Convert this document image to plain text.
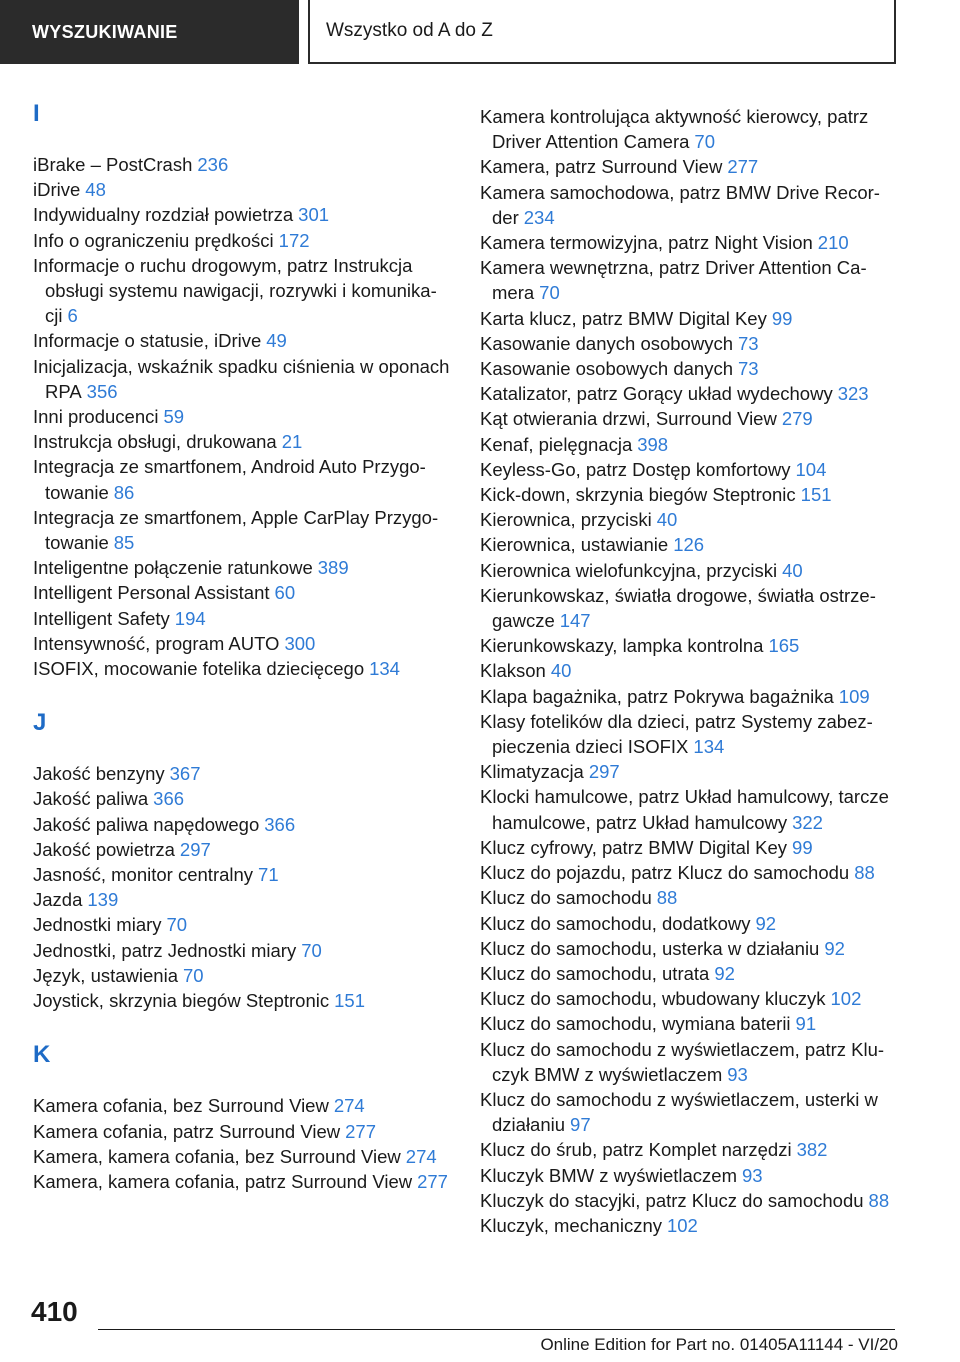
WYSZUKIWANIE	Wszystko od A do Z
I
iBrake – PostCrash 236
iDrive 48
Indywidualny rozdział powietrza 301
Info o ograniczeniu prędkości 172
Informacje o ruchu drogowym, patrz Instrukcja obsługi systemu nawigacji, rozrywki i komunikacji 6
Informacje o statusie, iDrive 49
Inicjalizacja, wskaźnik spadku ciśnienia w oponach RPA 356
Inni producenci 59
Instrukcja obsługi, drukowana 21
Integracja ze smartfonem, Android Auto Przygotowanie 86
Integracja ze smartfonem, Apple CarPlay Przygotowanie 85
Inteligentne połączenie ratunkowe 389
Intelligent Personal Assistant 60
Intelligent Safety 194
Intensywność, program AUTO 300
ISOFIX, mocowanie fotelika dziecięcego 134
J
Jakość benzyny 367
Jakość paliwa 366
Jakość paliwa napędowego 366
Jakość powietrza 297
Jasność, monitor centralny 71
Jazda 139
Jednostki miary 70
Jednostki, patrz Jednostki miary 70
Język, ustawienia 70
Joystick, skrzynia biegów Steptronic 151
K
Kamera cofania, bez Surround View 274
Kamera cofania, patrz Surround View 277
Kamera, kamera cofania, bez Surround View 274
Kamera, kamera cofania, patrz Surround View 277
Kamera kontrolująca aktywność kierowcy, patrz Driver Attention Camera 70
Kamera, patrz Surround View 277
Kamera samochodowa, patrz BMW Drive Recorder 234
Kamera termowizyjna, patrz Night Vision 210
Kamera wewnętrzna, patrz Driver Attention Camera 70
Karta klucz, patrz BMW Digital Key 99
Kasowanie danych osobowych 73
Kasowanie osobowych danych 73
Katalizator, patrz Gorący układ wydechowy 323
Kąt otwierania drzwi, Surround View 279
Kenaf, pielęgnacja 398
Keyless-Go, patrz Dostęp komfortowy 104
Kick-down, skrzynia biegów Steptronic 151
Kierownica, przyciski 40
Kierownica, ustawianie 126
Kierownica wielofunkcyjna, przyciski 40
Kierunkowskaz, światła drogowe, światła ostrzegawcze 147
Kierunkowskazy, lampka kontrolna 165
Klakson 40
Klapa bagażnika, patrz Pokrywa bagażnika 109
Klasy fotelików dla dzieci, patrz Systemy zabezpieczenia dzieci ISOFIX 134
Klimatyzacja 297
Klocki hamulcowe, patrz Układ hamulcowy, tarcze hamulcowe, patrz Układ hamulcowy 322
Klucz cyfrowy, patrz BMW Digital Key 99
Klucz do pojazdu, patrz Klucz do samochodu 88
Klucz do samochodu 88
Klucz do samochodu, dodatkowy 92
Klucz do samochodu, usterka w działaniu 92
Klucz do samochodu, utrata 92
Klucz do samochodu, wbudowany kluczyk 102
Klucz do samochodu, wymiana baterii 91
Klucz do samochodu z wyświetlaczem, patrz Kluczyk BMW z wyświetlaczem 93
Klucz do samochodu z wyświetlaczem, usterki w działaniu 97
Klucz do śrub, patrz Komplet narzędzi 382
Kluczyk BMW z wyświetlaczem 93
Kluczyk do stacyjki, patrz Klucz do samochodu 88
Kluczyk, mechaniczny 102
410
Online Edition for Part no. 01405A11144 - VI/20
